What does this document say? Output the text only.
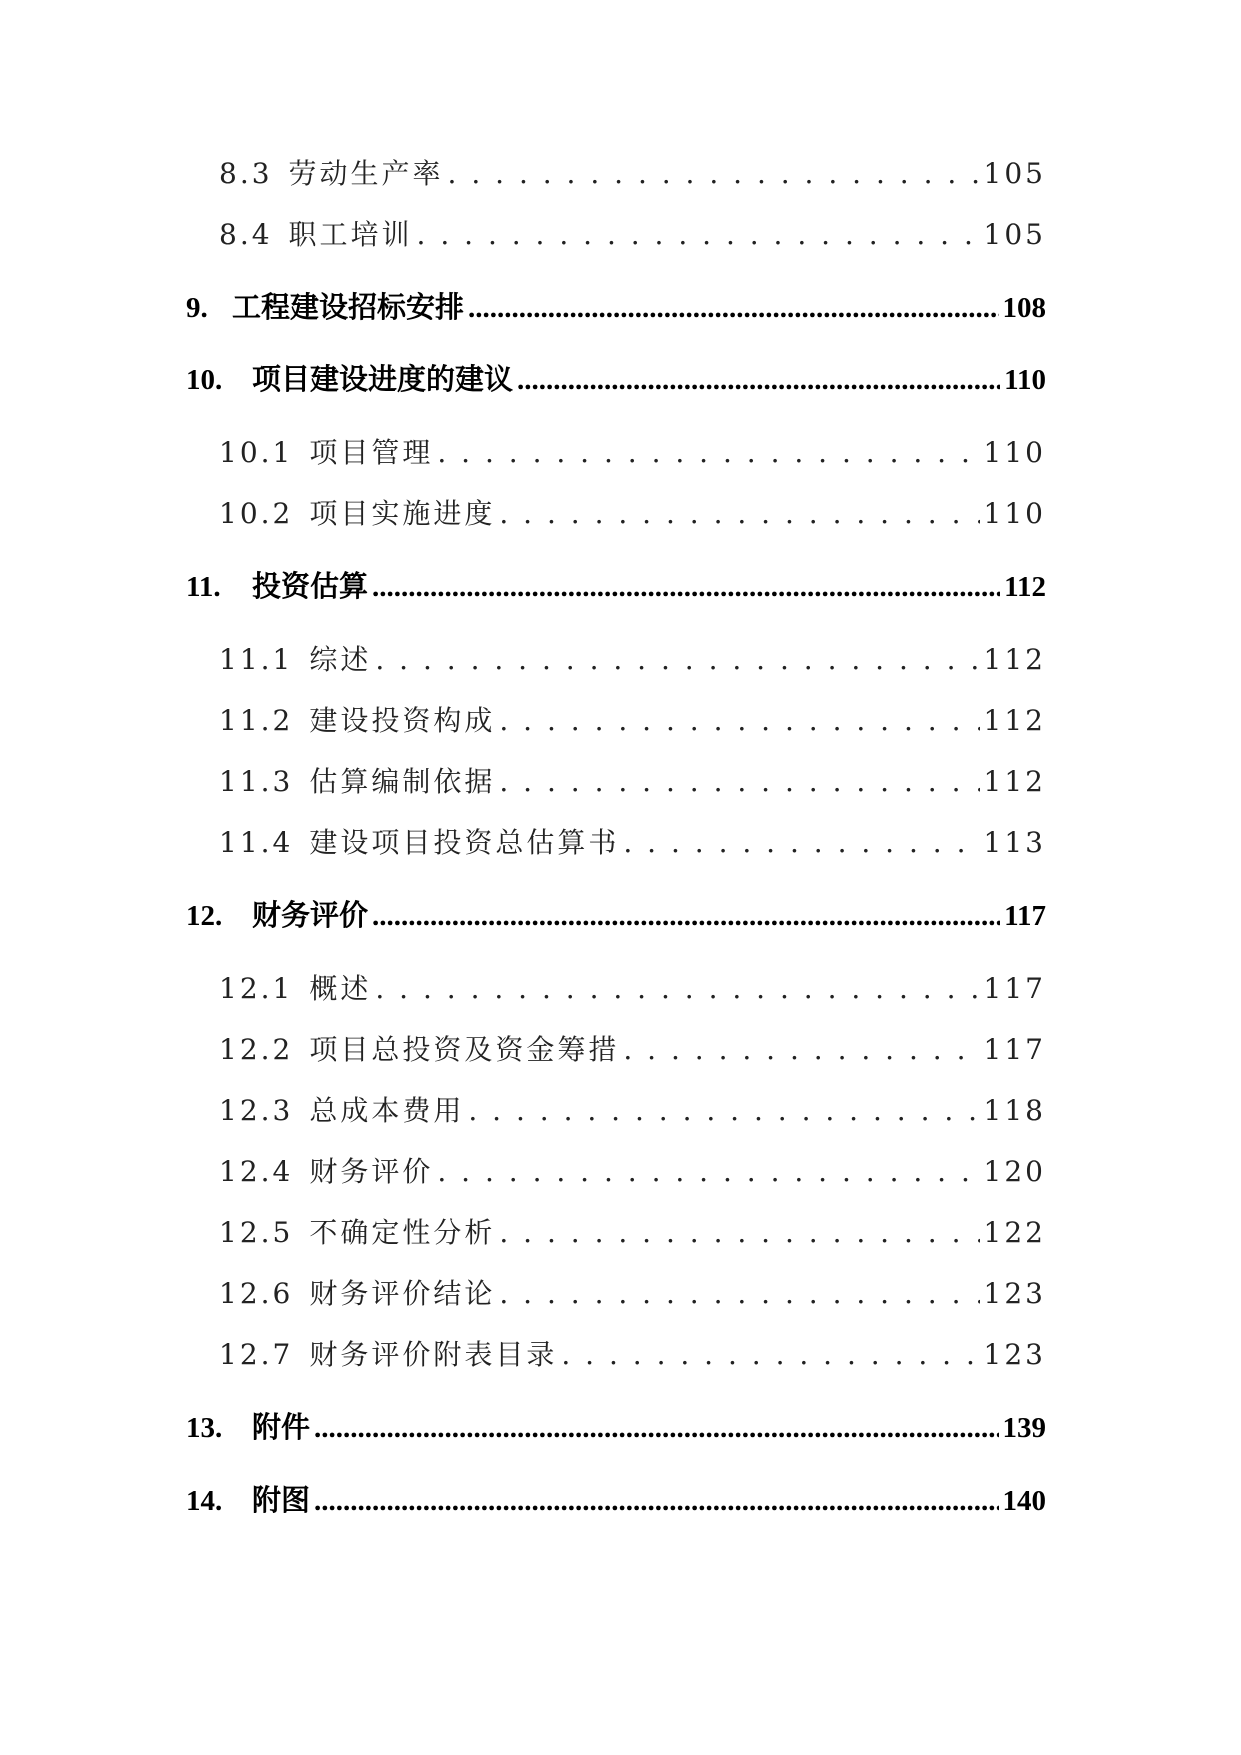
8.3 劳动生产率 . . .	105
8.4 职工培训 . . .	105
9. 工程建设招标安排 .....	108
10.	项目建设进度的建议 .....	110
10.1 项目管理 . . .	110
10.2 项目实施进度 . . .	110
11.	投资估算 .....	112
11.1 综述 . . .	112
11.2 建设投资构成 . . .	112
11.3 估算编制依据 . . .	112
11.4 建设项目投资总估算书 . . .	113
12.	财务评价 .....	117
12.1 概述 . . .	117
12.2 项目总投资及资金筹措 . . .	117
12.3 总成本费用 . . .	118
12.4 财务评价 . . .	120
12.5 不确定性分析 . . .	122
12.6 财务评价结论 . . .	123
12.7 财务评价附表目录 . . .	123
13.	附件 .....	139
14.	附图 .....	140
